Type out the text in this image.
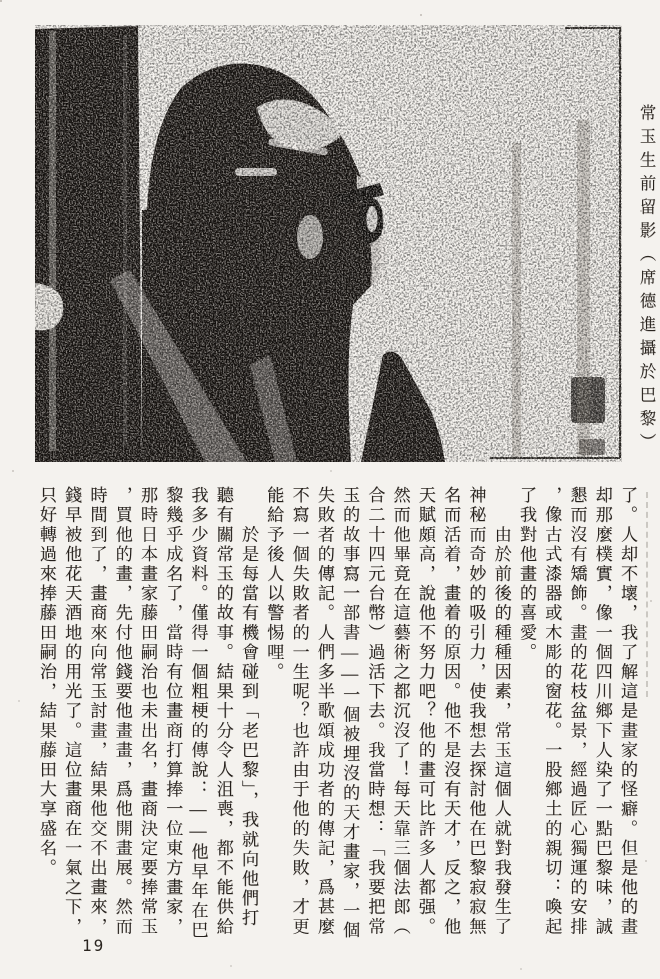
常玉生前留影（席德進攝於巴黎）
了。人却不壞，我了解這是畫家的怪癖。但是他的畫
却那麼樸實，像一個四川鄉下人染了一點巴黎味，誠
懇而沒有矯飾。畫的花枝盆景，經過匠心獨運的安排
，像古式漆器或木彫的窗花。一股鄉土的親切：喚起
了我對他畫的喜愛。
　　由於前後的種種因素，常玉這個人就對我發生了
神秘而奇妙的吸引力，使我想去探討他在巴黎寂寂無
名而活着，畫着的原因。他不是沒有天才，反之，他
天賦頗高，說他不努力吧？他的畫可比許多人都强。
然而他畢竟在這藝術之都沉沒了！每天靠三個法郎（
合二十四元台幣）過活下去。我當時想：「我要把常
玉的故事寫一部書——一個被埋沒的天才畫家，一個
失敗者的傳記。人們多半歌頌成功者的傳記，爲甚麼
不寫一個失敗者的一生呢？也許由于他的失敗，才更
能給予後人以警惕哩。
　　於是每當有機會碰到「老巴黎」，我就向他們打
聽有關常玉的故事。結果十分令人沮喪，都不能供給
我多少資料。僅得一個粗梗的傳說：——他早年在巴
黎幾乎成名了，當時有位畫商打算捧一位東方畫家，
那時日本畫家藤田嗣治也未出名，畫商決定要捧常玉
，買他的畫，先付他錢要他畫畫，爲他開畫展。然而
時間到了，畫商來向常玉討畫，結果他交不出畫來，
錢早被他花天酒地的用光了。這位畫商在一氣之下，
只好轉過來捧藤田嗣治，結果藤田大享盛名。
19
